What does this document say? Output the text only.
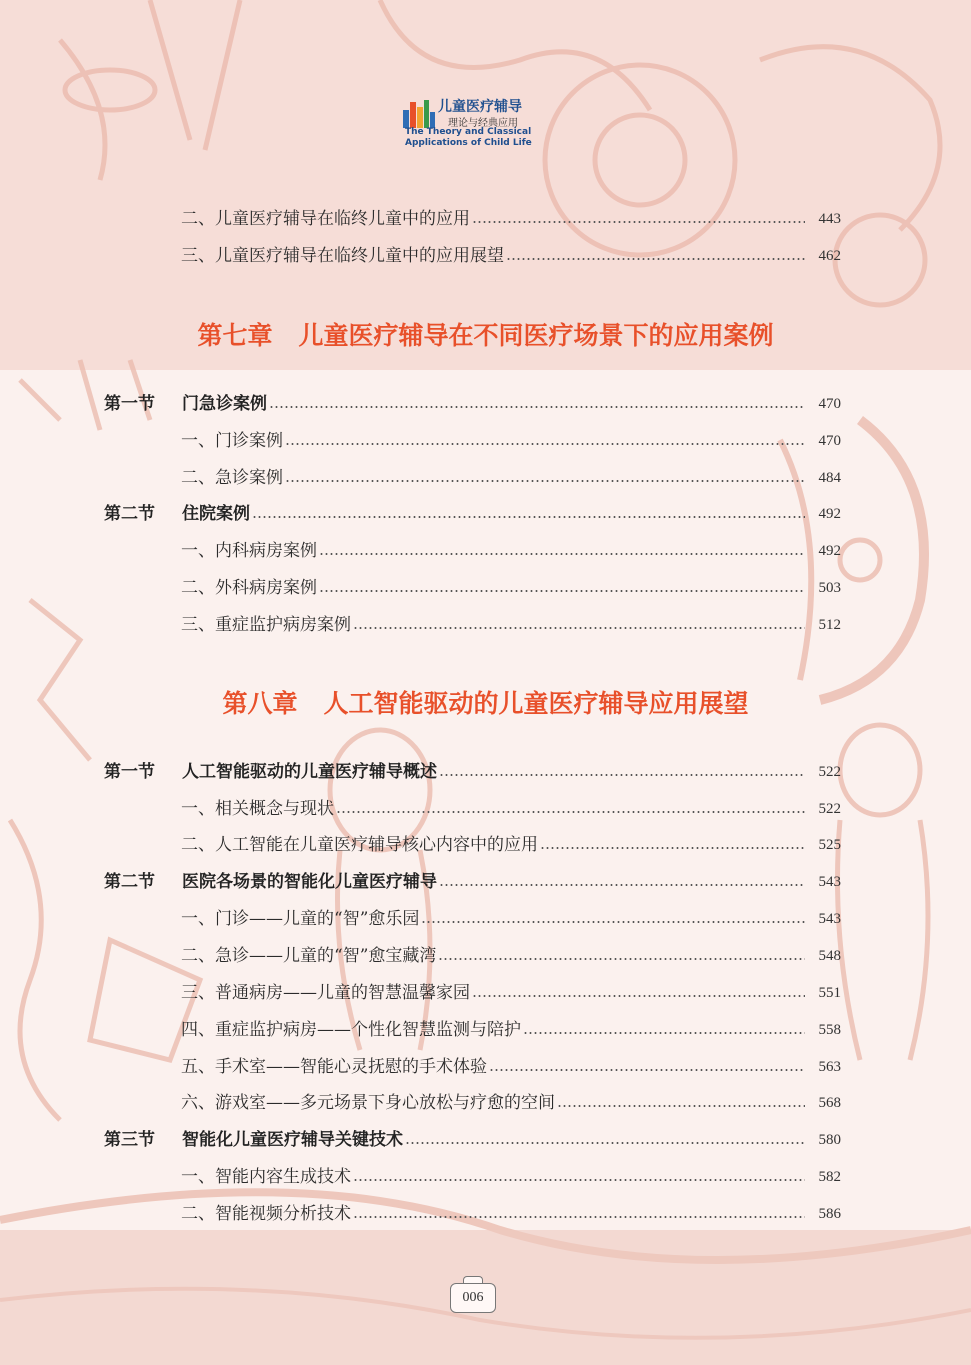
儿童医疗辅导
理论与经典应用
The Theory and Classical
Applications of Child Life
二、儿童医疗辅导在临终儿童中的应用	443
三、儿童医疗辅导在临终儿童中的应用展望	462
第七章 儿童医疗辅导在不同医疗场景下的应用案例
第一节	门急诊案例	470
一、门诊案例	470
二、急诊案例	484
第二节	住院案例	492
一、内科病房案例	492
二、外科病房案例	503
三、重症监护病房案例	512
第八章 人工智能驱动的儿童医疗辅导应用展望
第一节	人工智能驱动的儿童医疗辅导概述	522
一、相关概念与现状	522
二、人工智能在儿童医疗辅导核心内容中的应用	525
第二节	医院各场景的智能化儿童医疗辅导	543
一、门诊——儿童的“智”愈乐园	543
二、急诊——儿童的“智”愈宝藏湾	548
三、普通病房——儿童的智慧温馨家园	551
四、重症监护病房——个性化智慧监测与陪护	558
五、手术室——智能心灵抚慰的手术体验	563
六、游戏室——多元场景下身心放松与疗愈的空间	568
第三节	智能化儿童医疗辅导关键技术	580
一、智能内容生成技术	582
二、智能视频分析技术	586
006
